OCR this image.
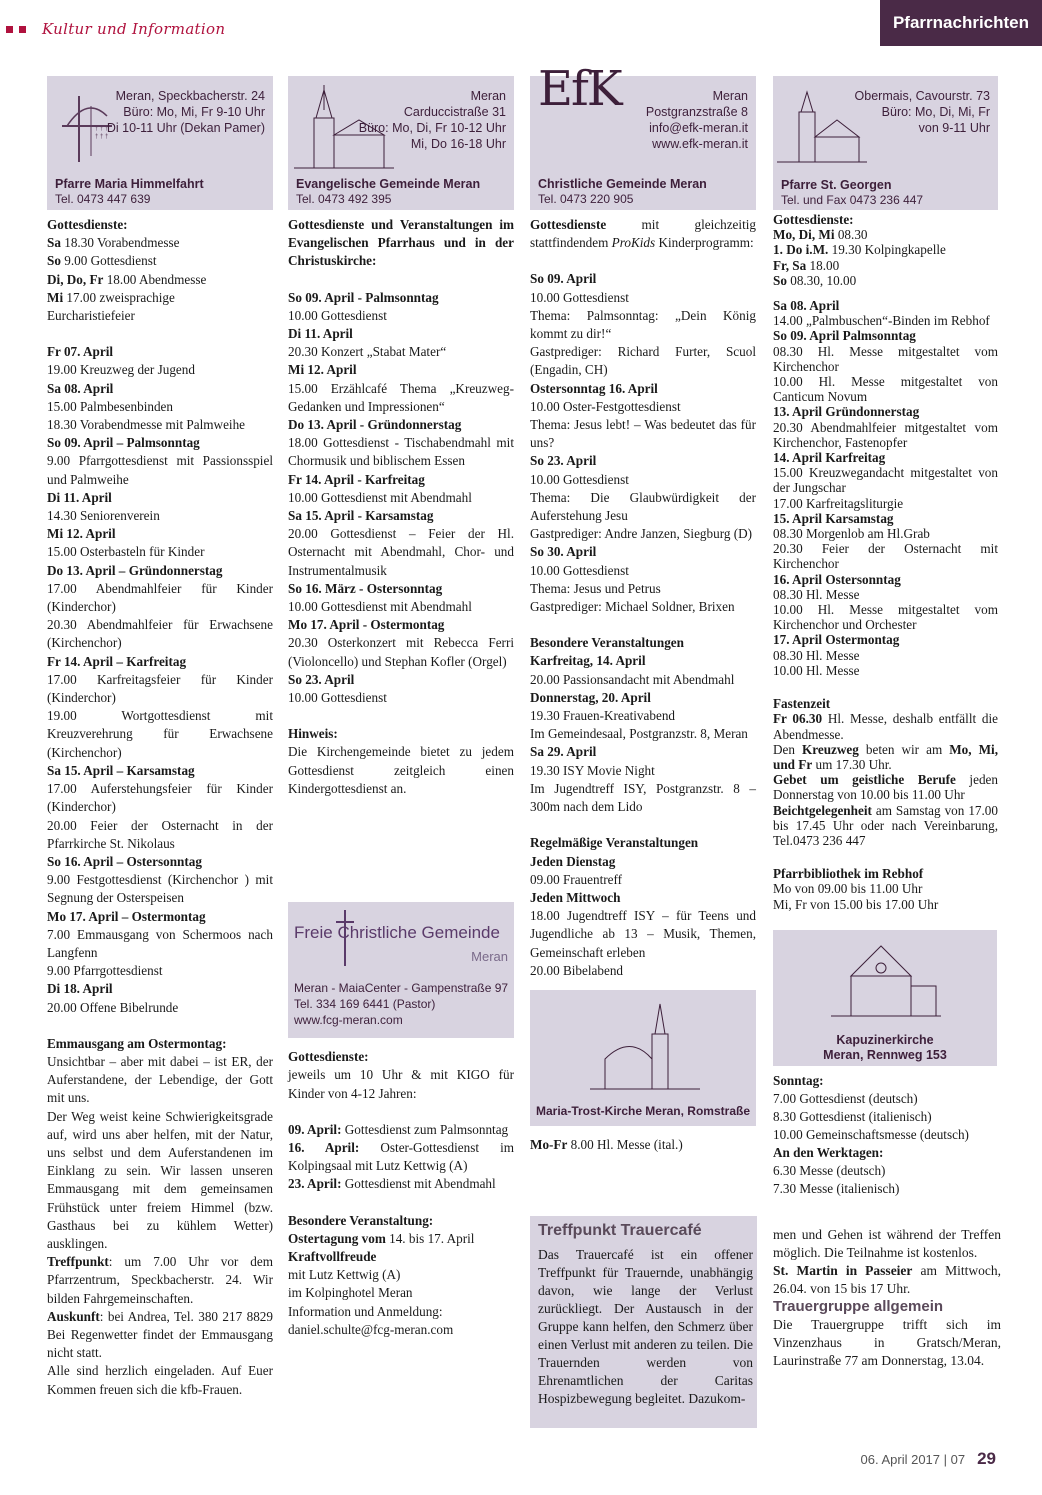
Kultur und Information	Pfarrnachrichten
† † †
† † †
Meran, Speckbacherstr. 24
Büro: Mo, Mi, Fr 9-10 Uhr
Di 10-11 Uhr (Dekan Pamer)
Pfarre Maria Himmelfahrt
Tel. 0473 447 639
Gottesdienste:
Sa 18.30 Vorabendmesse
So 9.00 Gottesdienst
Di, Do, Fr 18.00 Abendmesse
Mi 17.00 zweisprachige
Eurcharistiefeier
Fr 07. April
19.00 Kreuzweg der Jugend
Sa 08. April
15.00 Palmbesenbinden
18.30 Vorabendmesse mit Palmweihe
So 09. April – Palmsonntag
9.00 Pfarrgottesdienst mit Passionsspiel und Palmweihe
Di 11. April
14.30 Seniorenverein
Mi 12. April
15.00 Osterbasteln für Kinder
Do 13. April – Gründonnerstag
17.00 Abendmahlfeier für Kinder (Kinderchor)
20.30 Abendmahlfeier für Erwachsene (Kirchenchor)
Fr 14. April – Karfreitag
17.00 Karfreitagsfeier für Kinder (Kinderchor)
19.00 Wortgottesdienst mit Kreuzverehrung für Erwachsene (Kirchenchor)
Sa 15. April – Karsamstag
17.00 Auferstehungsfeier für Kinder (Kinderchor)
20.00 Feier der Osternacht in der Pfarrkirche St. Nikolaus
So 16. April – Ostersonntag
9.00 Festgottesdienst (Kirchenchor ) mit Segnung der Osterspeisen
Mo 17. April – Ostermontag
7.00 Emmausgang von Schermoos nach Langfenn
9.00 Pfarrgottesdienst
Di 18. April
20.00 Offene Bibelrunde
Emmausgang am Ostermontag:
Unsichtbar – aber mit dabei – ist ER, der Auferstandene, der Lebendige, der Gott mit uns.
Der Weg weist keine Schwierigkeitsgrade auf, wird uns aber helfen, mit der Natur, uns selbst und dem Auferstandenen im Einklang zu sein. Wir lassen unseren Emmausgang mit dem gemeinsamen Frühstück unter freiem Himmel (bzw. Gasthaus bei zu kühlem Wetter) ausklingen.
Treffpunkt: um 7.00 Uhr vor dem Pfarrzentrum, Speckbacherstr. 24. Wir bilden Fahrgemeinschaften.
Auskunft: bei Andrea, Tel. 380 217 8829 Bei Regenwetter findet der Emmausgang nicht statt.
Alle sind herzlich eingeladen. Auf Euer Kommen freuen sich die kfb-Frauen.
Meran
Carduccistraße 31
Büro: Mo, Di, Fr 10-12 Uhr
Mi, Do 16-18 Uhr
Evangelische Gemeinde Meran
Tel. 0473 492 395
Gottesdienste und Veranstaltungen im Evangelischen Pfarrhaus und in der Christuskirche:
So 09. April - Palmsonntag
10.00 Gottesdienst
Di 11. April
20.30 Konzert „Stabat Mater“
Mi 12. April
15.00 Erzählcafé Thema „Kreuzweg-Gedanken und Impressionen“
Do 13. April - Gründonnerstag
18.00 Gottesdienst - Tischabendmahl mit Chormusik und biblischem Essen
Fr 14. April - Karfreitag
10.00 Gottesdienst mit Abendmahl
Sa 15. April - Karsamstag
20.00 Gottesdienst – Feier der Hl. Osternacht mit Abendmahl, Chor- und Instrumentalmusik
So 16. März - Ostersonntag
10.00 Gottesdienst mit Abendmahl
Mo 17. April - Ostermontag
20.30 Osterkonzert mit Rebecca Ferri (Violoncello) und Stephan Kofler (Orgel)
So 23. April
10.00 Gottesdienst
Hinweis:
Die Kirchengemeinde bietet zu jedem Gottesdienst zeitgleich einen Kindergottesdienst an.
Freie Christliche Gemeinde
Meran
Meran - MaiaCenter - Gampenstraße 97
Tel. 334 169 6441 (Pastor)
www.fcg-meran.com
Gottesdienste:
jeweils um 10 Uhr & mit KIGO für Kinder von 4-12 Jahren:
09. April: Gottesdienst zum Palmsonntag
16. April: Oster-Gottesdienst im Kolpingsaal mit Lutz Kettwig (A)
23. April: Gottesdienst mit Abendmahl
Besondere Veranstaltung:
Ostertagung vom 14. bis 17. April
Kraftvollfreude
mit Lutz Kettwig (A)
im Kolpinghotel Meran
Information und Anmeldung:
daniel.schulte@fcg-meran.com
EfK	Meran
Postgranzstraße 8
info@efk-meran.it
www.efk-meran.it
Christliche Gemeinde Meran
Tel. 0473 220 905
Gottesdienste mit gleichzeitig stattfindendem ProKids Kinderprogramm:
So 09. April
10.00 Gottesdienst
Thema: Palmsonntag: „Dein König kommt zu dir!“
Gastprediger: Richard Furter, Scuol (Engadin, CH)
Ostersonntag 16. April
10.00 Oster-Festgottesdienst
Thema: Jesus lebt! – Was bedeutet das für uns?
So 23. April
10.00 Gottesdienst
Thema: Die Glaubwürdigkeit der Auferstehung Jesu
Gastprediger: Andre Janzen, Siegburg (D)
So 30. April
10.00 Gottesdienst
Thema: Jesus und Petrus
Gastprediger: Michael Soldner, Brixen
Besondere Veranstaltungen
Karfreitag, 14. April
20.00 Passionsandacht mit Abendmahl
Donnerstag, 20. April
19.30 Frauen-Kreativabend
Im Gemeindesaal, Postgranzstr. 8, Meran
Sa 29. April
19.30 ISY Movie Night
Im Jugendtreff ISY, Postgranzstr. 8 – 300m nach dem Lido
Regelmäßige Veranstaltungen
Jeden Dienstag
09.00 Frauentreff
Jeden Mittwoch
18.00 Jugendtreff ISY – für Teens und Jugendliche ab 13 – Musik, Themen, Gemeinschaft erleben
20.00 Bibelabend
Maria-Trost-Kirche Meran, Romstraße
Mo-Fr 8.00 Hl. Messe (ital.)
Obermais, Cavourstr. 73
Büro: Mo, Di, Mi, Fr
von 9-11 Uhr
Pfarre St. Georgen
Tel. und Fax 0473 236 447
Gottesdienste:
Mo, Di, Mi 08.30
1. Do i.M. 19.30 Kolpingkapelle
Fr, Sa 18.00
So 08.30, 10.00
Sa 08. April
14.00 „Palmbuschen“-Binden im Rebhof
So 09. April Palmsonntag
08.30 Hl. Messe mitgestaltet vom Kirchenchor
10.00 Hl. Messe mitgestaltet von Canticum Novum
13. April Gründonnerstag
20.30 Abendmahlfeier mitgestaltet vom Kirchenchor, Fastenopfer
14. April Karfreitag
15.00 Kreuzwegandacht mitgestaltet von der Jungschar
17.00 Karfreitagsliturgie
15. April Karsamstag
08.30 Morgenlob am Hl.Grab
20.30 Feier der Osternacht mit Kirchenchor
16. April Ostersonntag
08.30 Hl. Messe
10.00 Hl. Messe mitgestaltet vom Kirchenchor und Orchester
17. April Ostermontag
08.30 Hl. Messe
10.00 Hl. Messe
Fastenzeit
Fr 06.30 Hl. Messe, deshalb entfällt die Abendmesse.
Den Kreuzweg beten wir am Mo, Mi, und Fr um 17.30 Uhr.
Gebet um geistliche Berufe jeden Donnerstag von 10.00 bis 11.00 Uhr
Beichtgelegenheit am Samstag von 17.00 bis 17.45 Uhr oder nach Vereinbarung, Tel.0473 236 447
Pfarrbibliothek im Rebhof
Mo von 09.00 bis 11.00 Uhr
Mi, Fr von 15.00 bis 17.00 Uhr
Kapuzinerkirche
Meran, Rennweg 153
Sonntag:
7.00 Gottesdienst (deutsch)
8.30 Gottesdienst (italienisch)
10.00 Gemeinschaftsmesse (deutsch)
An den Werktagen:
6.30 Messe (deutsch)
7.30 Messe (italienisch)
Treffpunkt Trauercafé
Das Trauercafé ist ein offener Treffpunkt für Trauernde, unabhängig davon, wie lange der Verlust zurückliegt. Der Austausch in der Gruppe kann helfen, den Schmerz über einen Verlust mit anderen zu teilen. Die Trauernden werden von Ehrenamtlichen der Caritas Hospizbewegung begleitet. Dazukom-
men und Gehen ist während der Treffen möglich. Die Teilnahme ist kostenlos.
St. Martin in Passeier am Mittwoch, 26.04. von 15 bis 17 Uhr.
Trauergruppe allgemein
Die Trauergruppe trifft sich im Vinzenzhaus in Gratsch/Meran, Laurinstraße 77 am Donnerstag, 13.04.
06. April 2017 | 07 29
